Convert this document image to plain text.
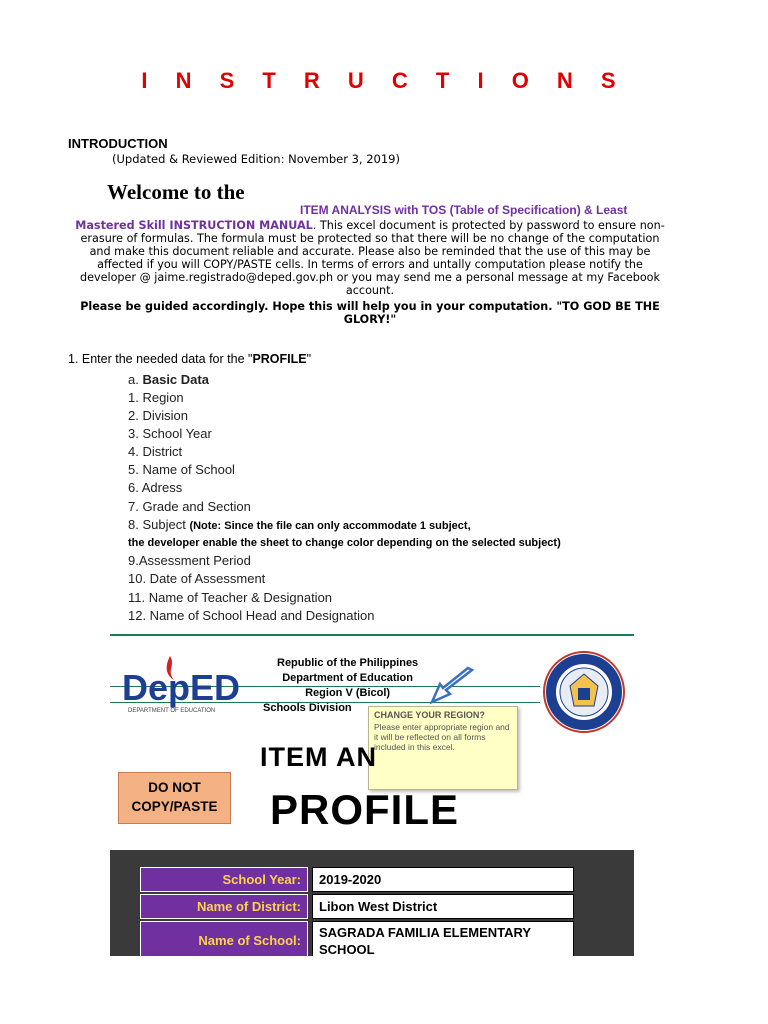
I N S T R U C T I O N S
INTRODUCTION
(Updated & Reviewed Edition: November 3, 2019)
Welcome to the
ITEM ANALYSIS with TOS (Table of Specification) & Least
Mastered Skill INSTRUCTION MANUAL. This excel document is protected by password to ensure non-
erasure of formulas. The formula must be protected so that there will be no change of the computation
and make this document reliable and accurate. Please also be reminded that the use of this may be
affected if you will COPY/PASTE cells. In terms of errors and untally computation please notify the
developer @ jaime.registrado@deped.gov.ph or you may send me a personal message at my Facebook
account.
Please be guided accordingly. Hope this will help you in your computation. "TO GOD BE THE GLORY!"
1. Enter the needed data for the "PROFILE"
a. Basic Data
1. Region
2. Division
3. School Year
4. District
5. Name of School
6. Adress
7. Grade and Section
8. Subject (Note: Since the file can only accommodate 1 subject,
the developer enable the sheet to change color depending on the selected subject)
9.Assessment Period
10. Date of Assessment
11. Name of Teacher & Designation
12. Name of School Head and Designation
DepED
DEPARTMENT OF EDUCATION
Republic of the Philippines
Department of Education
Region V (Bicol)
Schools Division
CHANGE YOUR REGION?
Please enter appropriate region and it will be reflected on all forms included in this excel.
ITEM AN
PROFILE
DO NOT
COPY/PASTE
School Year:	2019-2020
Name of District:	Libon West District
Name of School:	SAGRADA FAMILIA ELEMENTARY SCHOOL
